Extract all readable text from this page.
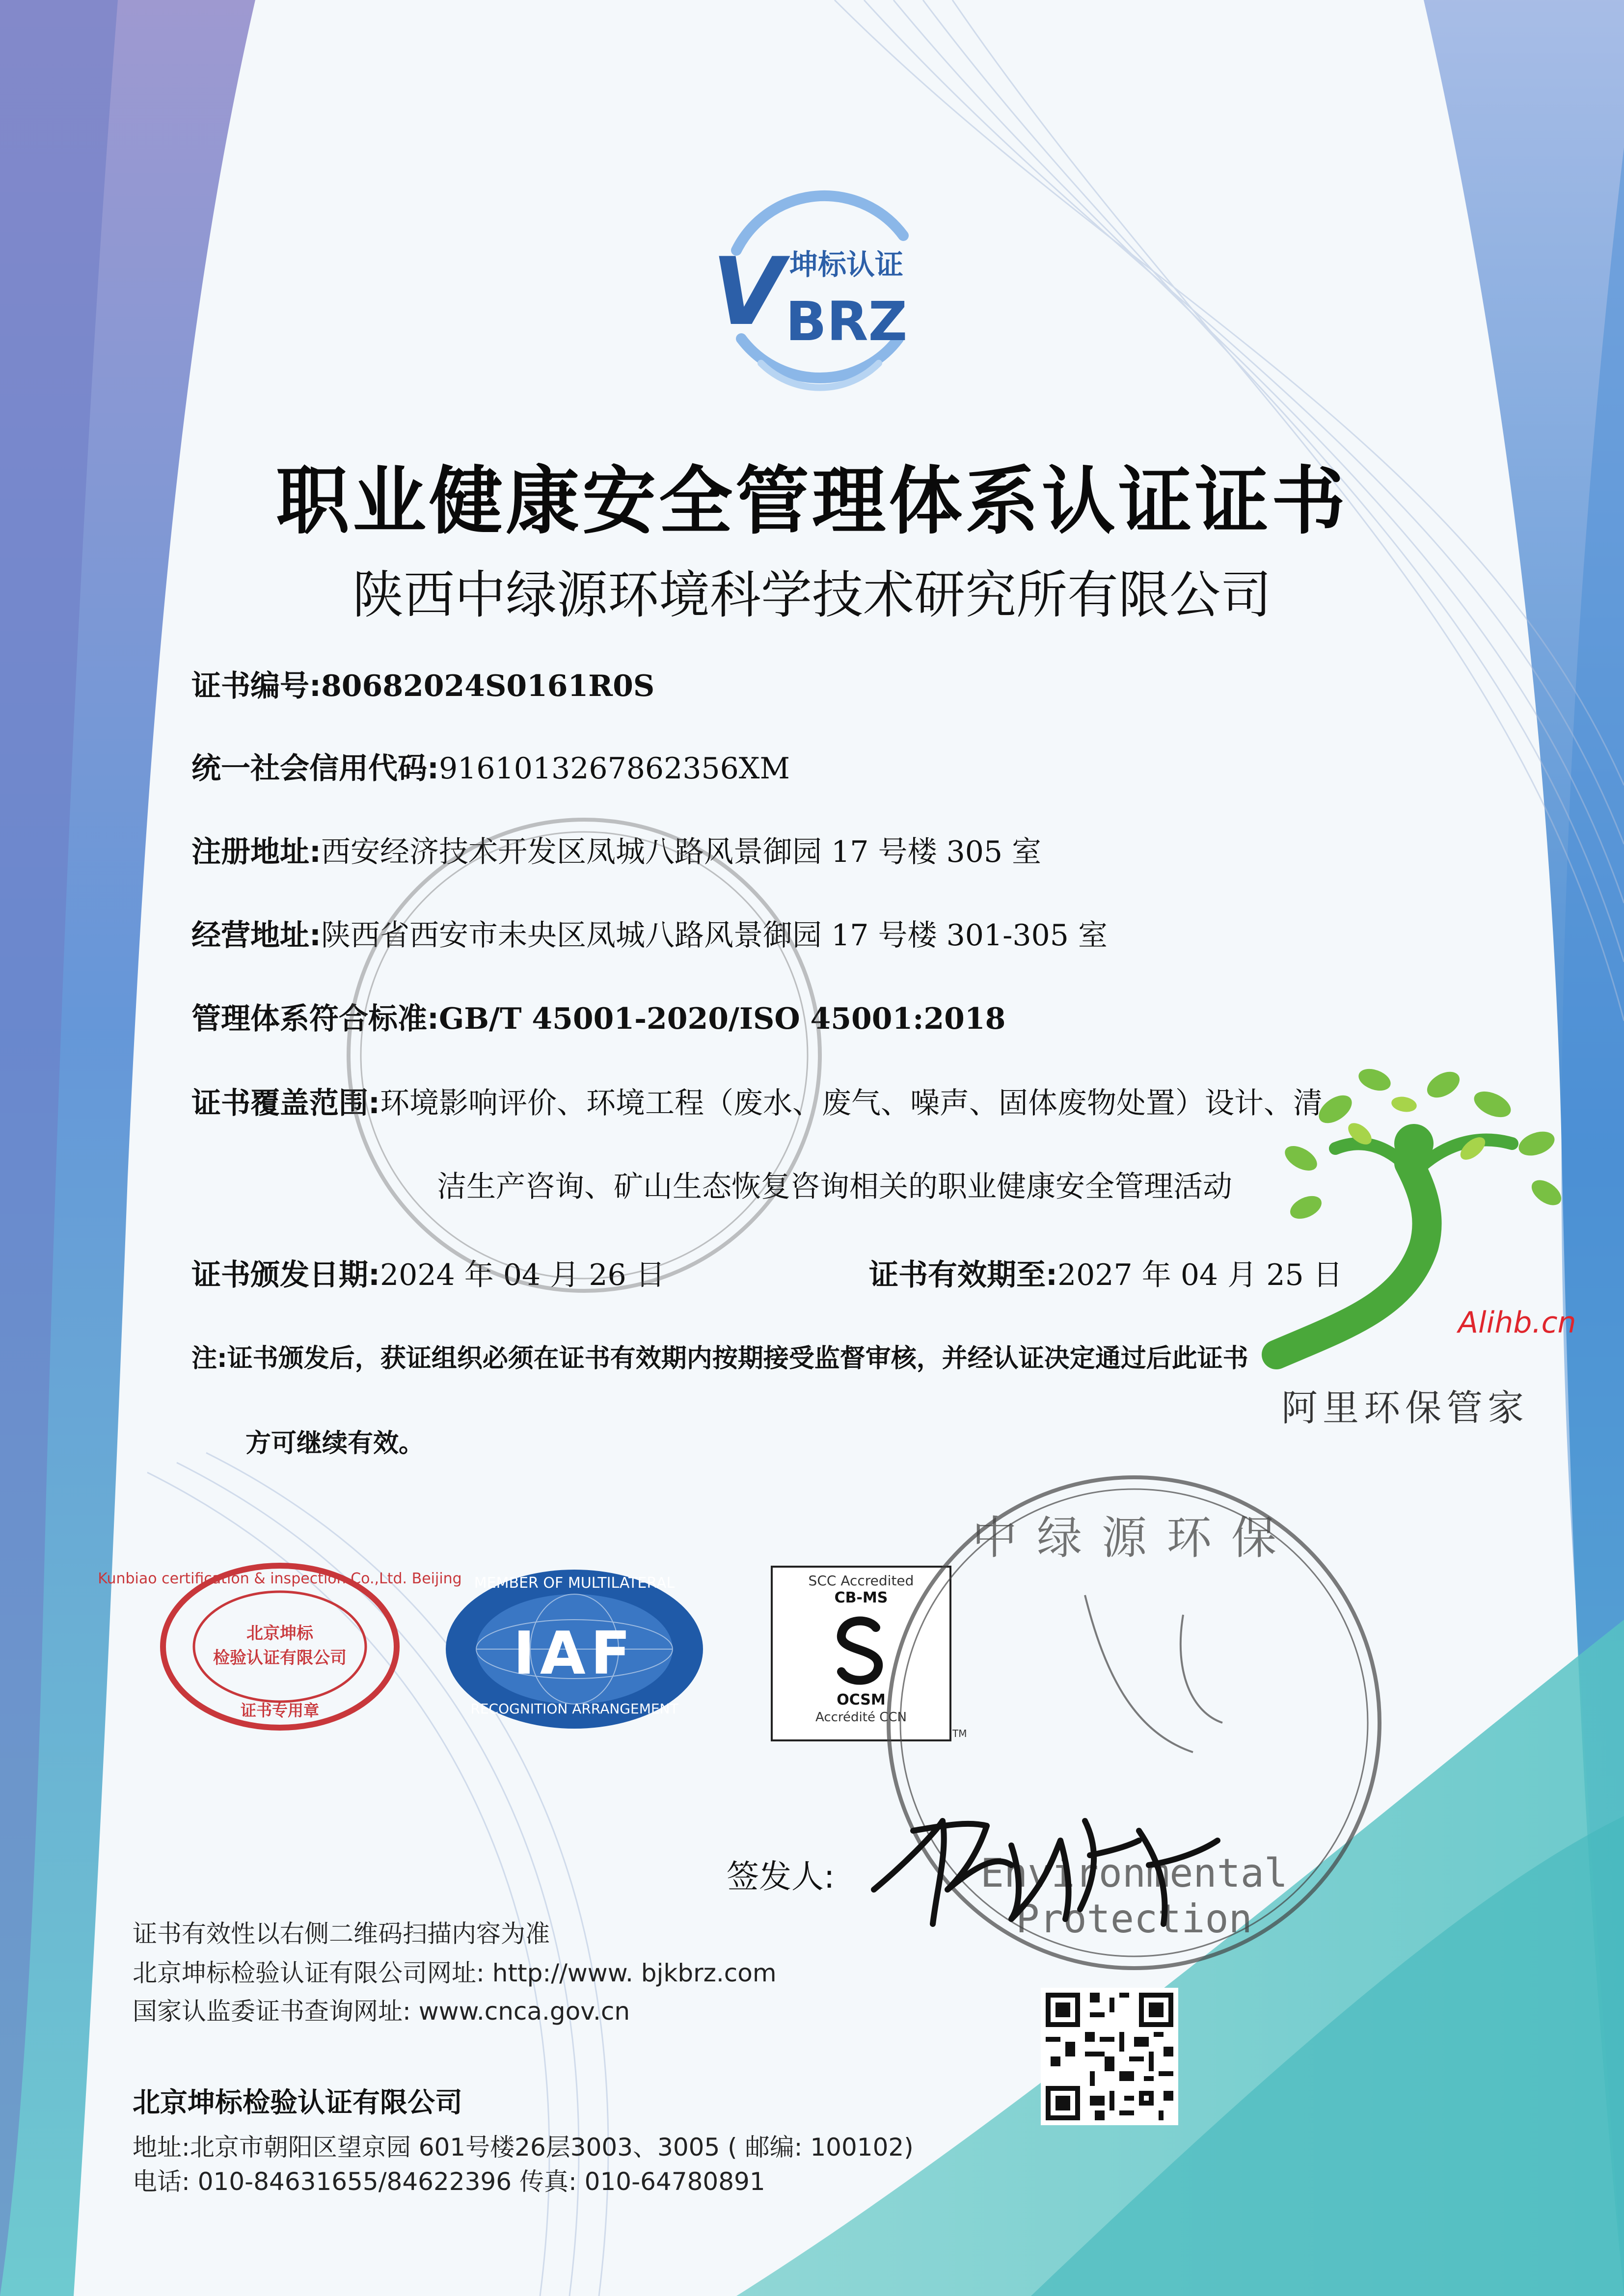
V BRZ
坤标认证
职业健康安全管理体系认证证书
陕西中绿源环境科学技术研究所有限公司
证书编号:80682024S0161R0S
统一社会信用代码:9161013267862356XM
注册地址:西安经济技术开发区凤城八路风景御园 17 号楼 305 室
经营地址:陕西省西安市未央区凤城八路风景御园 17 号楼 301-305 室
管理体系符合标准:GB/T 45001-2020/ISO 45001:2018
证书覆盖范围:环境影响评价、环境工程（废水、废气、噪声、固体废物处置）设计、清
洁生产咨询、矿山生态恢复咨询相关的职业健康安全管理活动
证书颁发日期:2024 年 04 月 26 日	证书有效期至:2027 年 04 月 25 日
注:证书颁发后，获证组织必须在证书有效期内按期接受监督审核，并经认证决定通过后此证书
方可继续有效。
Alihb.cn
阿里环保管家
Kunbiao certification & inspection Co.,Ltd. Beijing
北京坤标
检验认证有限公司
证书专用章
MEMBER OF MULTILATERAL
IAF
RECOGNITION ARRANGEMENT
SCC Accredited
CB-MS
OCSM
Accrédité CCN
TM
中绿源环保
Environmental Protection
签发人:
证书有效性以右侧二维码扫描内容为准
北京坤标检验认证有限公司网址: http://www. bjkbrz.com
国家认监委证书查询网址: www.cnca.gov.cn
北京坤标检验认证有限公司
地址:北京市朝阳区望京园 601号楼26层3003、3005 ( 邮编: 100102)
电话: 010-84631655/84622396 传真: 010-64780891
